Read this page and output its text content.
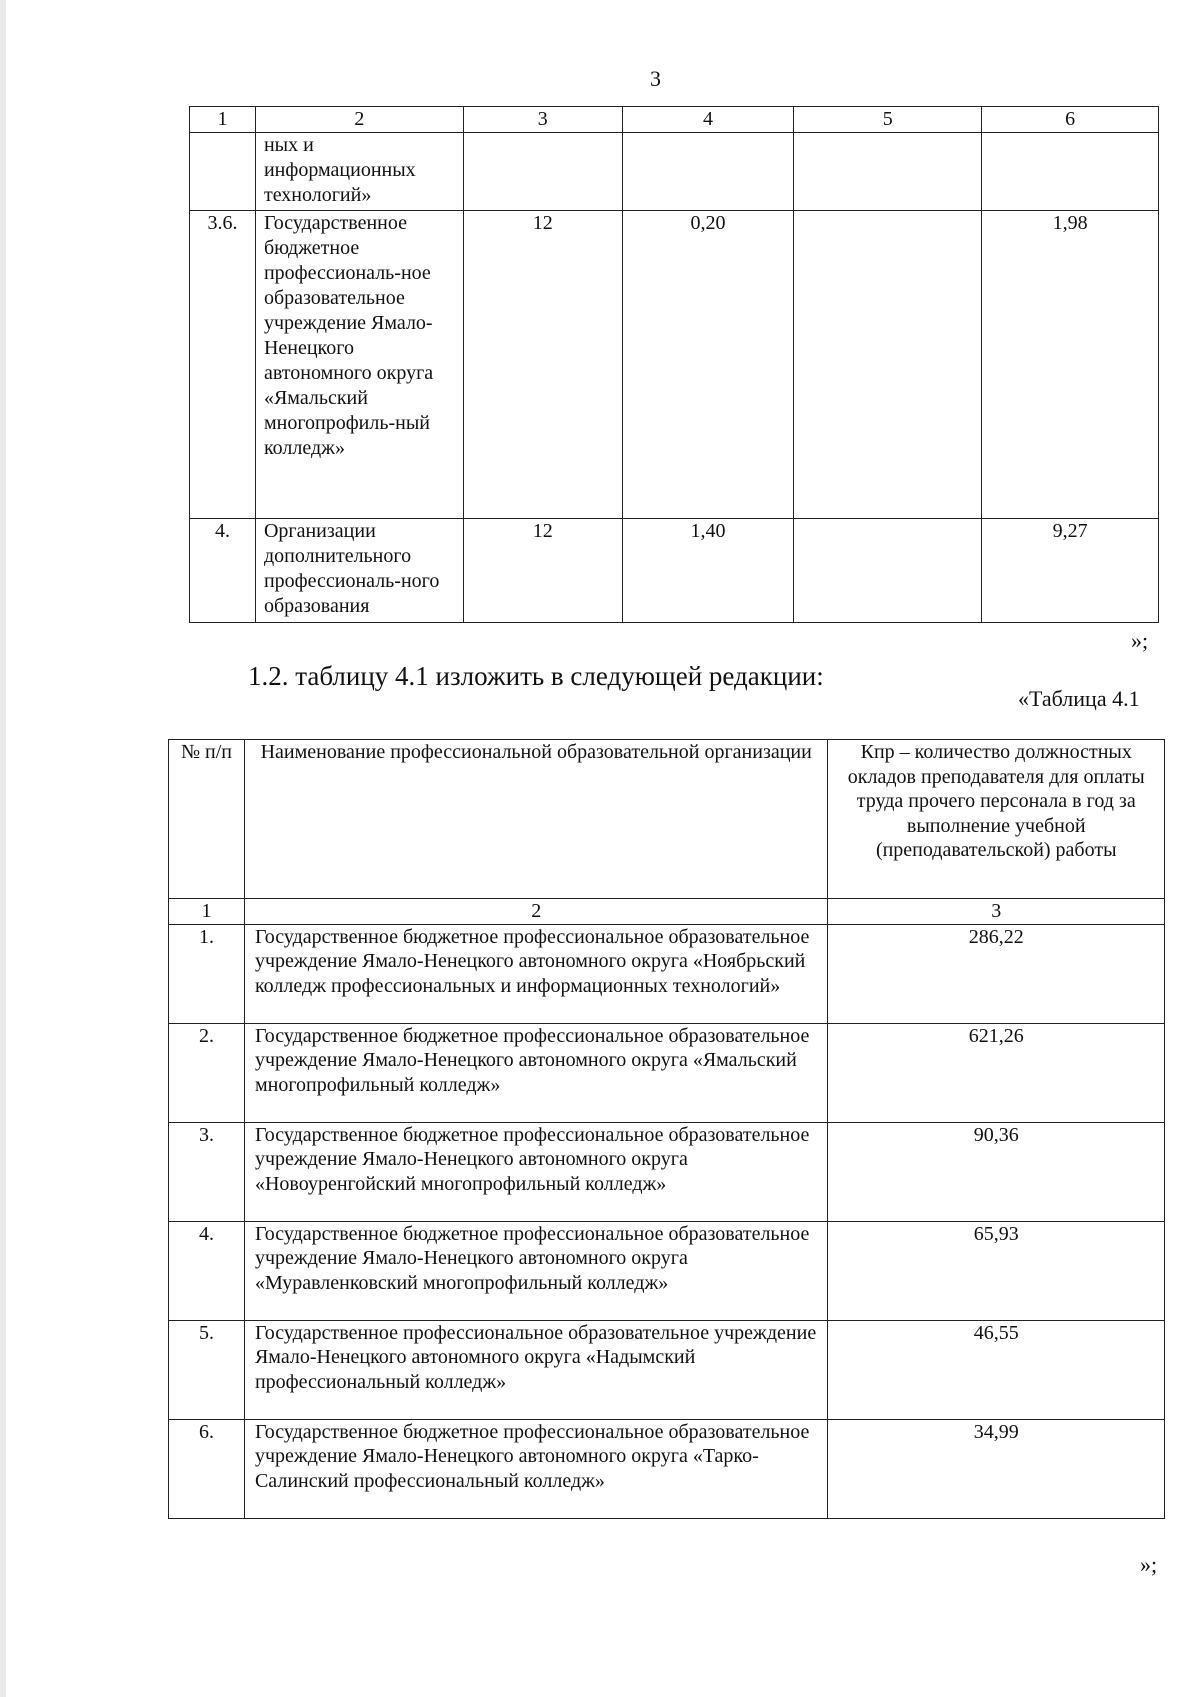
3
1	2	3	4	5	6
	ных и информационных технологий»				
3.6.	Государственное бюджетное профессиональ-ное образовательное учреждение Ямало-Ненецкого автономного округа «Ямальский многопрофиль-ный колледж»	12	0,20		1,98
4.	Организации дополнительного профессиональ-ного образования	12	1,40		9,27
»;
1.2. таблицу 4.1 изложить в следующей редакции:
«Таблица 4.1
№ п/п	Наименование профессиональной образовательной организации	Кпр – количество должностных окладов преподавателя для оплаты труда прочего персонала в год за выполнение учебной (преподавательской) работы
1	2	3
1.	Государственное бюджетное профессиональное образовательное учреждение Ямало-Ненецкого автономного округа «Ноябрьский колледж профессиональных и информационных технологий»	286,22
2.	Государственное бюджетное профессиональное образовательное учреждение Ямало-Ненецкого автономного округа «Ямальский многопрофильный колледж»	621,26
3.	Государственное бюджетное профессиональное образовательное учреждение Ямало-Ненецкого автономного округа «Новоуренгойский многопрофильный колледж»	90,36
4.	Государственное бюджетное профессиональное образовательное учреждение Ямало-Ненецкого автономного округа «Муравленковский многопрофильный колледж»	65,93
5.	Государственное профессиональное образовательное учреждение Ямало-Ненецкого автономного округа «Надымский профессиональный колледж»	46,55
6.	Государственное бюджетное профессиональное образовательное учреждение Ямало-Ненецкого автономного округа «Тарко-Салинский профессиональный колледж»	34,99
»;
